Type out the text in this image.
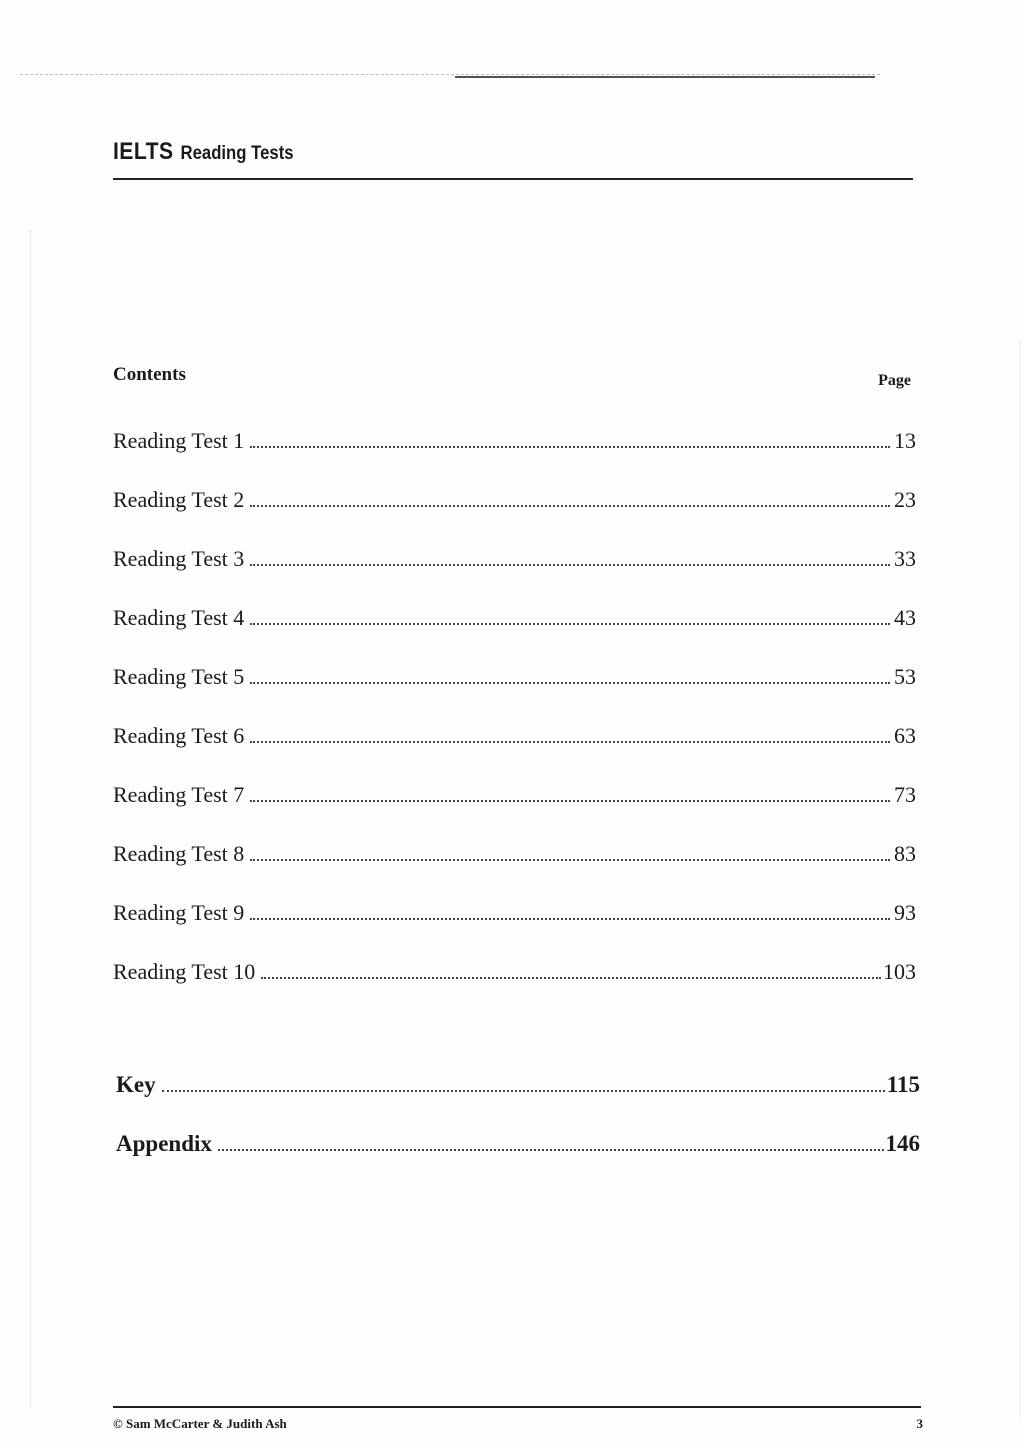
IELTS Reading Tests
Contents	Page
Reading Test 1	13
Reading Test 2	23
Reading Test 3	33
Reading Test 4	43
Reading Test 5	53
Reading Test 6	63
Reading Test 7	73
Reading Test 8	83
Reading Test 9	93
Reading Test 10	103
Key	115
Appendix	146
© Sam McCarter & Judith Ash	3
